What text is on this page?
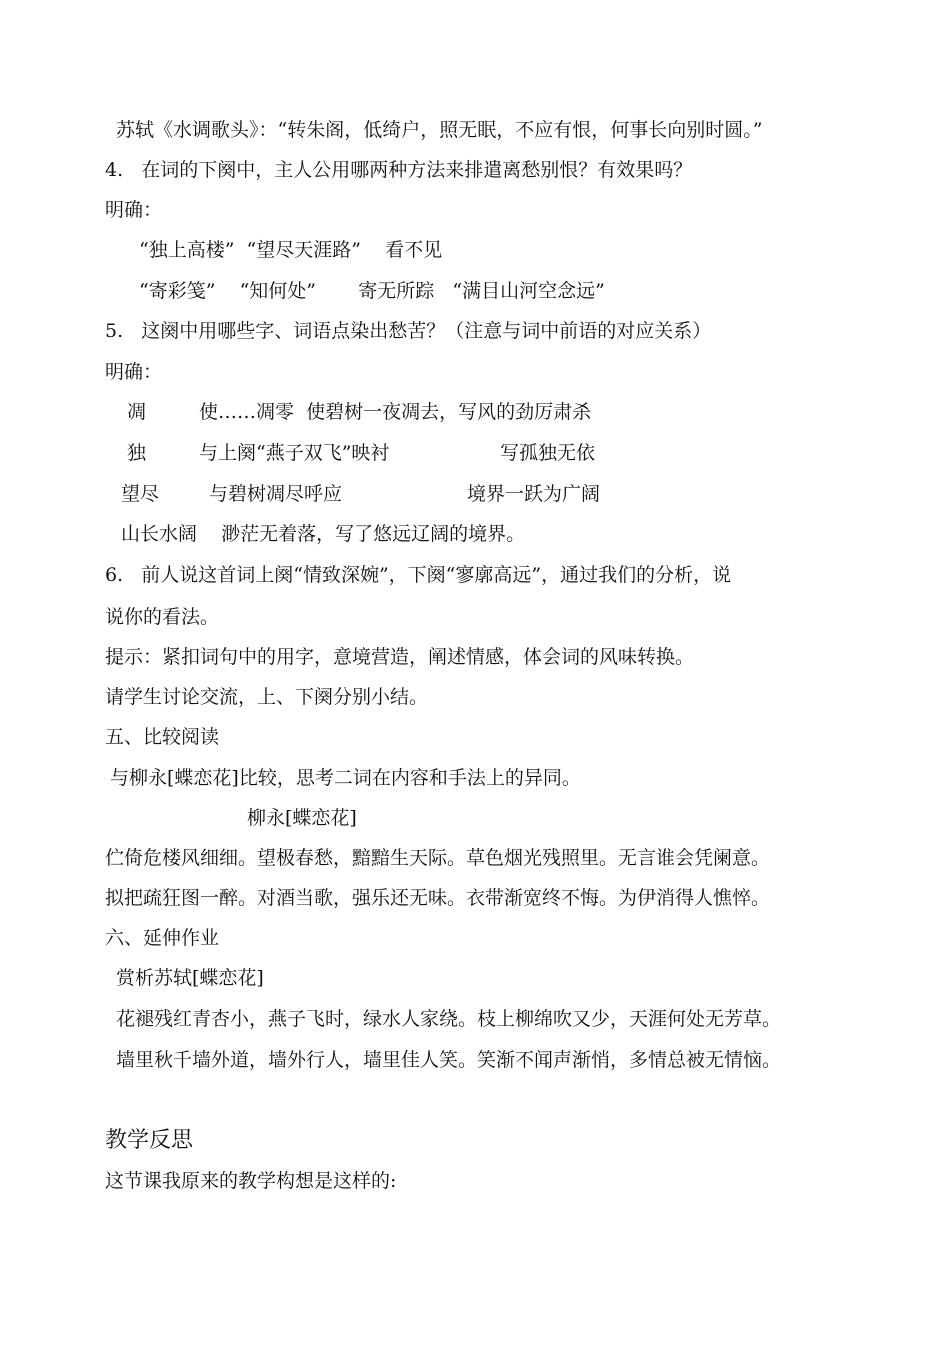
苏轼《水调歌头》：“转朱阁，低绮户，照无眠，不应有恨，何事长向别时圆。”
4.   在词的下阕中，主人公用哪两种方法来排遣离愁别恨？有效果吗？
明确：
“独上高楼”  “望尽天涯路”    看不见
“寄彩笺”    “知何处”       寄无所踪   “满目山河空念远”
5.   这阕中用哪些字、词语点染出愁苦？（注意与词中前语的对应关系）
明确：
凋	使……凋零  使碧树一夜凋去，写风的劲厉肃杀
独	与上阕“燕子双飞”映衬	写孤独无依
望尽	与碧树凋尽呼应	境界一跃为广阔
山长水阔    渺茫无着落，写了悠远辽阔的境界。
6.   前人说这首词上阕“情致深婉”，下阕“寥廓高远”，通过我们的分析，说
说你的看法。
提示：紧扣词句中的用字，意境营造，阐述情感，体会词的风味转换。
请学生讨论交流，上、下阕分别小结。
五、比较阅读
与柳永[蝶恋花]比较，思考二词在内容和手法上的异同。
柳永[蝶恋花]
伫倚危楼风细细。望极春愁，黯黯生天际。草色烟光残照里。无言谁会凭阑意。
拟把疏狂图一醉。对酒当歌，强乐还无味。衣带渐宽终不悔。为伊消得人憔悴。
六、延伸作业
赏析苏轼[蝶恋花]
花褪残红青杏小，燕子飞时，绿水人家绕。枝上柳绵吹又少，天涯何处无芳草。
墙里秋千墙外道，墙外行人，墙里佳人笑。笑渐不闻声渐悄，多情总被无情恼。
教学反思
这节课我原来的教学构想是这样的:
